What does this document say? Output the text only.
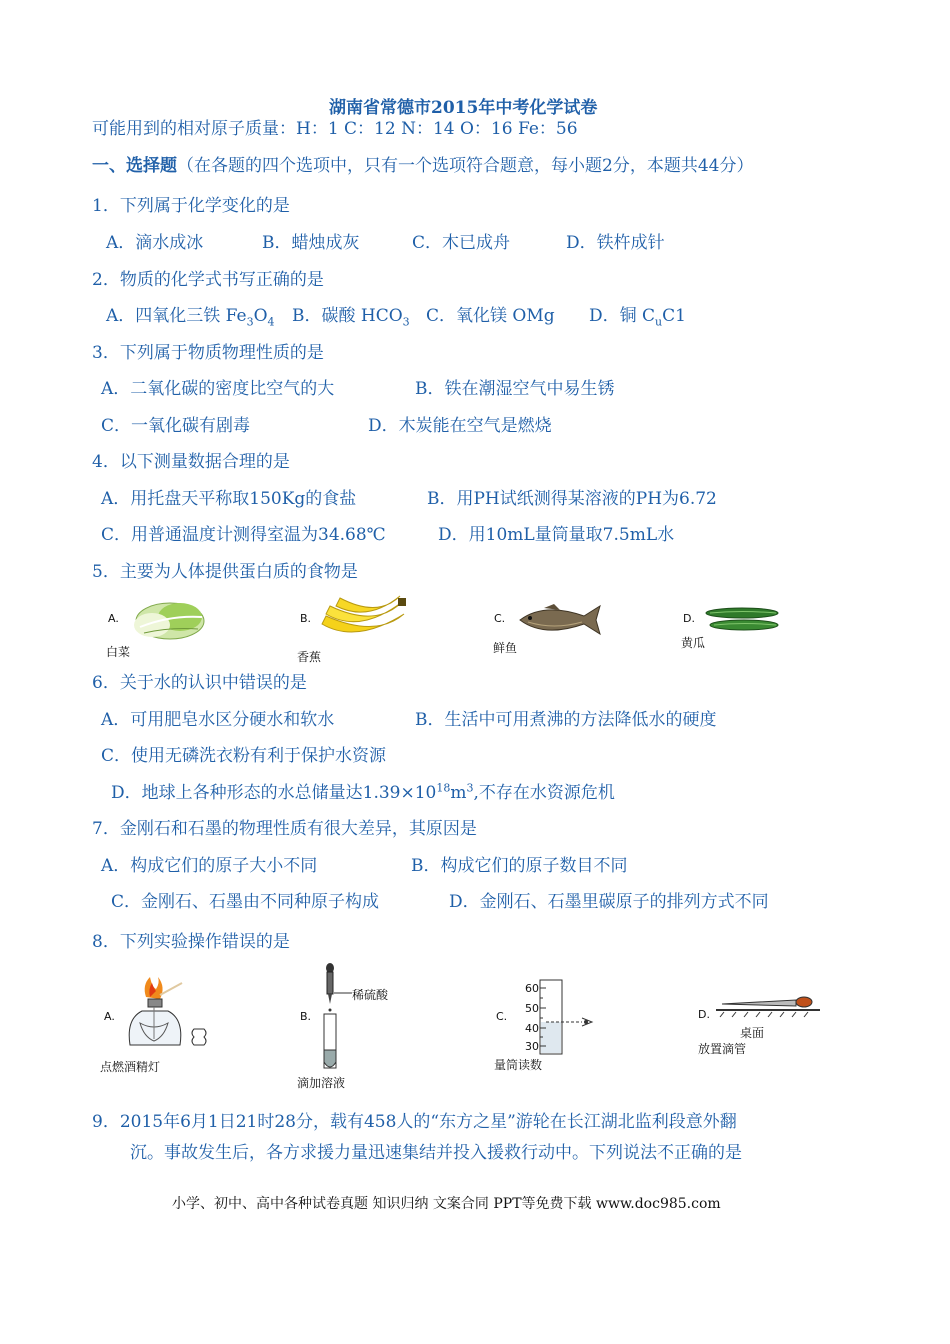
湖南省常德市2015年中考化学试卷
可能用到的相对原子质量：H：1 C：12 N：14 O：16 Fe：56
一、选择题（在各题的四个选项中，只有一个选项符合题意，每小题2分，本题共44分）
1．下列属于化学变化的是
A．滴水成冰	B．蜡烛成灰	C．木已成舟	D．铁杵成针
2．物质的化学式书写正确的是
A．四氧化三铁 $Fe_3O_4$ B．碳酸 $HCO_3$ C．氧化镁 OMg D．铜 $C_uC1$
3．下列属于物质物理性质的是
A．二氧化碳的密度比空气的大	B．铁在潮湿空气中易生锈
C．一氧化碳有剧毒	D．木炭能在空气是燃烧
4．以下测量数据合理的是
A．用托盘天平称取150Kg的食盐	B．用PH试纸测得某溶液的PH为6.72
C．用普通温度计测得室温为34.68℃	D．用10mL量筒量取7.5mL水
5．主要为人体提供蛋白质的食物是
A.
白菜
B.
香蕉
C.
鲜鱼
D.
黄瓜
6．关于水的认识中错误的是
A．可用肥皂水区分硬水和软水	B．生活中可用煮沸的方法降低水的硬度
C．使用无磷洗衣粉有利于保护水资源
D．地球上各种形态的水总储量达$1.39\times 10^{18}m^3$,不存在水资源危机
7．金刚石和石墨的物理性质有很大差异，其原因是
A．构成它们的原子大小不同	B．构成它们的原子数目不同
C．金刚石、石墨由不同种原子构成	D．金刚石、石墨里碳原子的排列方式不同
8．下列实验操作错误的是
A.
点燃酒精灯
B.
稀硫酸
滴加溶液
C.
60
50
40
30
量筒读数
D.
桌面
放置滴管
9．2015年6月1日21时28分，载有458人的“东方之星”游轮在长江湖北监利段意外翻
沉。事故发生后，各方求援力量迅速集结并投入援救行动中。下列说法不正确的是
小学、初中、高中各种试卷真题 知识归纳 文案合同 PPT等免费下载 www.doc985.com
